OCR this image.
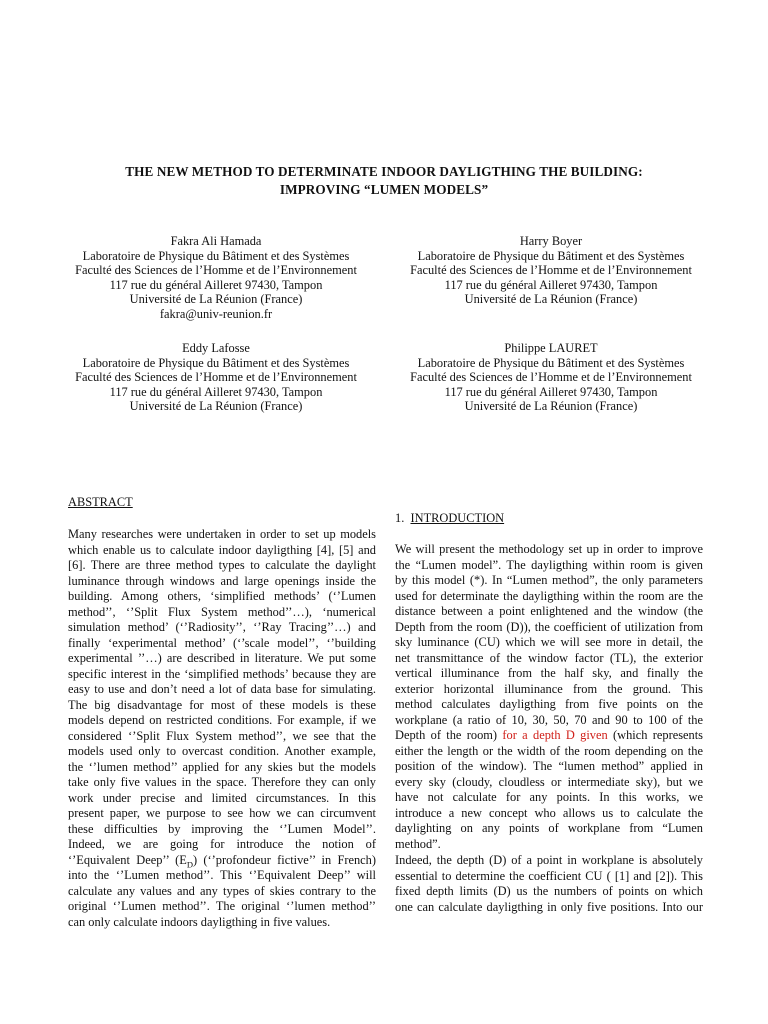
THE NEW METHOD TO DETERMINATE INDOOR DAYLIGTHING THE BUILDING:
IMPROVING “LUMEN MODELS”
Fakra Ali Hamada
Laboratoire de Physique du Bâtiment et des Systèmes
Faculté des Sciences de l’Homme et de l’Environnement
117 rue du général Ailleret 97430, Tampon
Université de La Réunion (France)
fakra@univ-reunion.fr
Harry Boyer
Laboratoire de Physique du Bâtiment et des Systèmes
Faculté des Sciences de l’Homme et de l’Environnement
117 rue du général Ailleret 97430, Tampon
Université de La Réunion (France)
Eddy Lafosse
Laboratoire de Physique du Bâtiment et des Systèmes
Faculté des Sciences de l’Homme et de l’Environnement
117 rue du général Ailleret 97430, Tampon
Université de La Réunion (France)
Philippe LAURET
Laboratoire de Physique du Bâtiment et des Systèmes
Faculté des Sciences de l’Homme et de l’Environnement
117 rue du général Ailleret 97430, Tampon
Université de La Réunion (France)
ABSTRACT
Many researches were undertaken in order to set up models
which enable us to calculate indoor dayligthing [4], [5] and
[6]. There are three method types to calculate the daylight
luminance through windows and large openings inside the
building. Among others, ‘simplified methods’ (‘’Lumen
method’’, ‘’Split Flux System method’’…), ‘numerical
simulation method’ (‘’Radiosity’’, ‘’Ray Tracing’’…) and
finally ‘experimental method’ (‘’scale model’’, ‘’building
experimental ’’…) are described in literature. We put some
specific interest in the ‘simplified methods’ because they are
easy to use and don’t need a lot of data base for simulating.
The big disadvantage for most of these models is these
models depend on restricted conditions. For example, if we
considered ‘’Split Flux System method’’, we see that the
models used only to overcast condition. Another example,
the ‘’lumen method’’ applied for any skies but the models
take only five values in the space. Therefore they can only
work under precise and limited circumstances. In this
present paper, we purpose to see how we can circumvent
these difficulties by improving the ‘’Lumen Model’’.
Indeed, we are going for introduce the notion of
‘’Equivalent Deep’’ $(E_D)$ (‘’profondeur fictive’’ in French)
into the ‘’Lumen method’’. This ‘’Equivalent Deep’’ will
calculate any values and any types of skies contrary to the
original ‘’Lumen method’’. The original ‘’lumen method’’
can only calculate indoors dayligthing in five values.
1. INTRODUCTION
We will present the methodology set up in order to improve
the “Lumen model”. The dayligthing within room is given
by this model (*). In “Lumen method”, the only parameters
used for determinate the dayligthing within the room are the
distance between a point enlightened and the window (the
Depth from the room (D)), the coefficient of utilization from
sky luminance (CU) which we will see more in detail, the
net transmittance of the window factor (TL), the exterior
vertical illuminance from the half sky, and finally the
exterior horizontal illuminance from the ground. This
method calculates dayligthing from five points on the
workplane (a ratio of 10, 30, 50, 70 and 90 to 100 of the
Depth of the room) for a depth D given (which represents
either the length or the width of the room depending on the
position of the window). The “lumen method” applied in
every sky (cloudy, cloudless or intermediate sky), but we
have not calculate for any points. In this works, we
introduce a new concept who allows us to calculate the
daylighting on any points of workplane from “Lumen
method”.
Indeed, the depth (D) of a point in workplane is absolutely
essential to determine the coefficient CU ( [1] and [2]). This
fixed depth limits (D) us the numbers of points on which
one can calculate dayligthing in only five positions. Into our
